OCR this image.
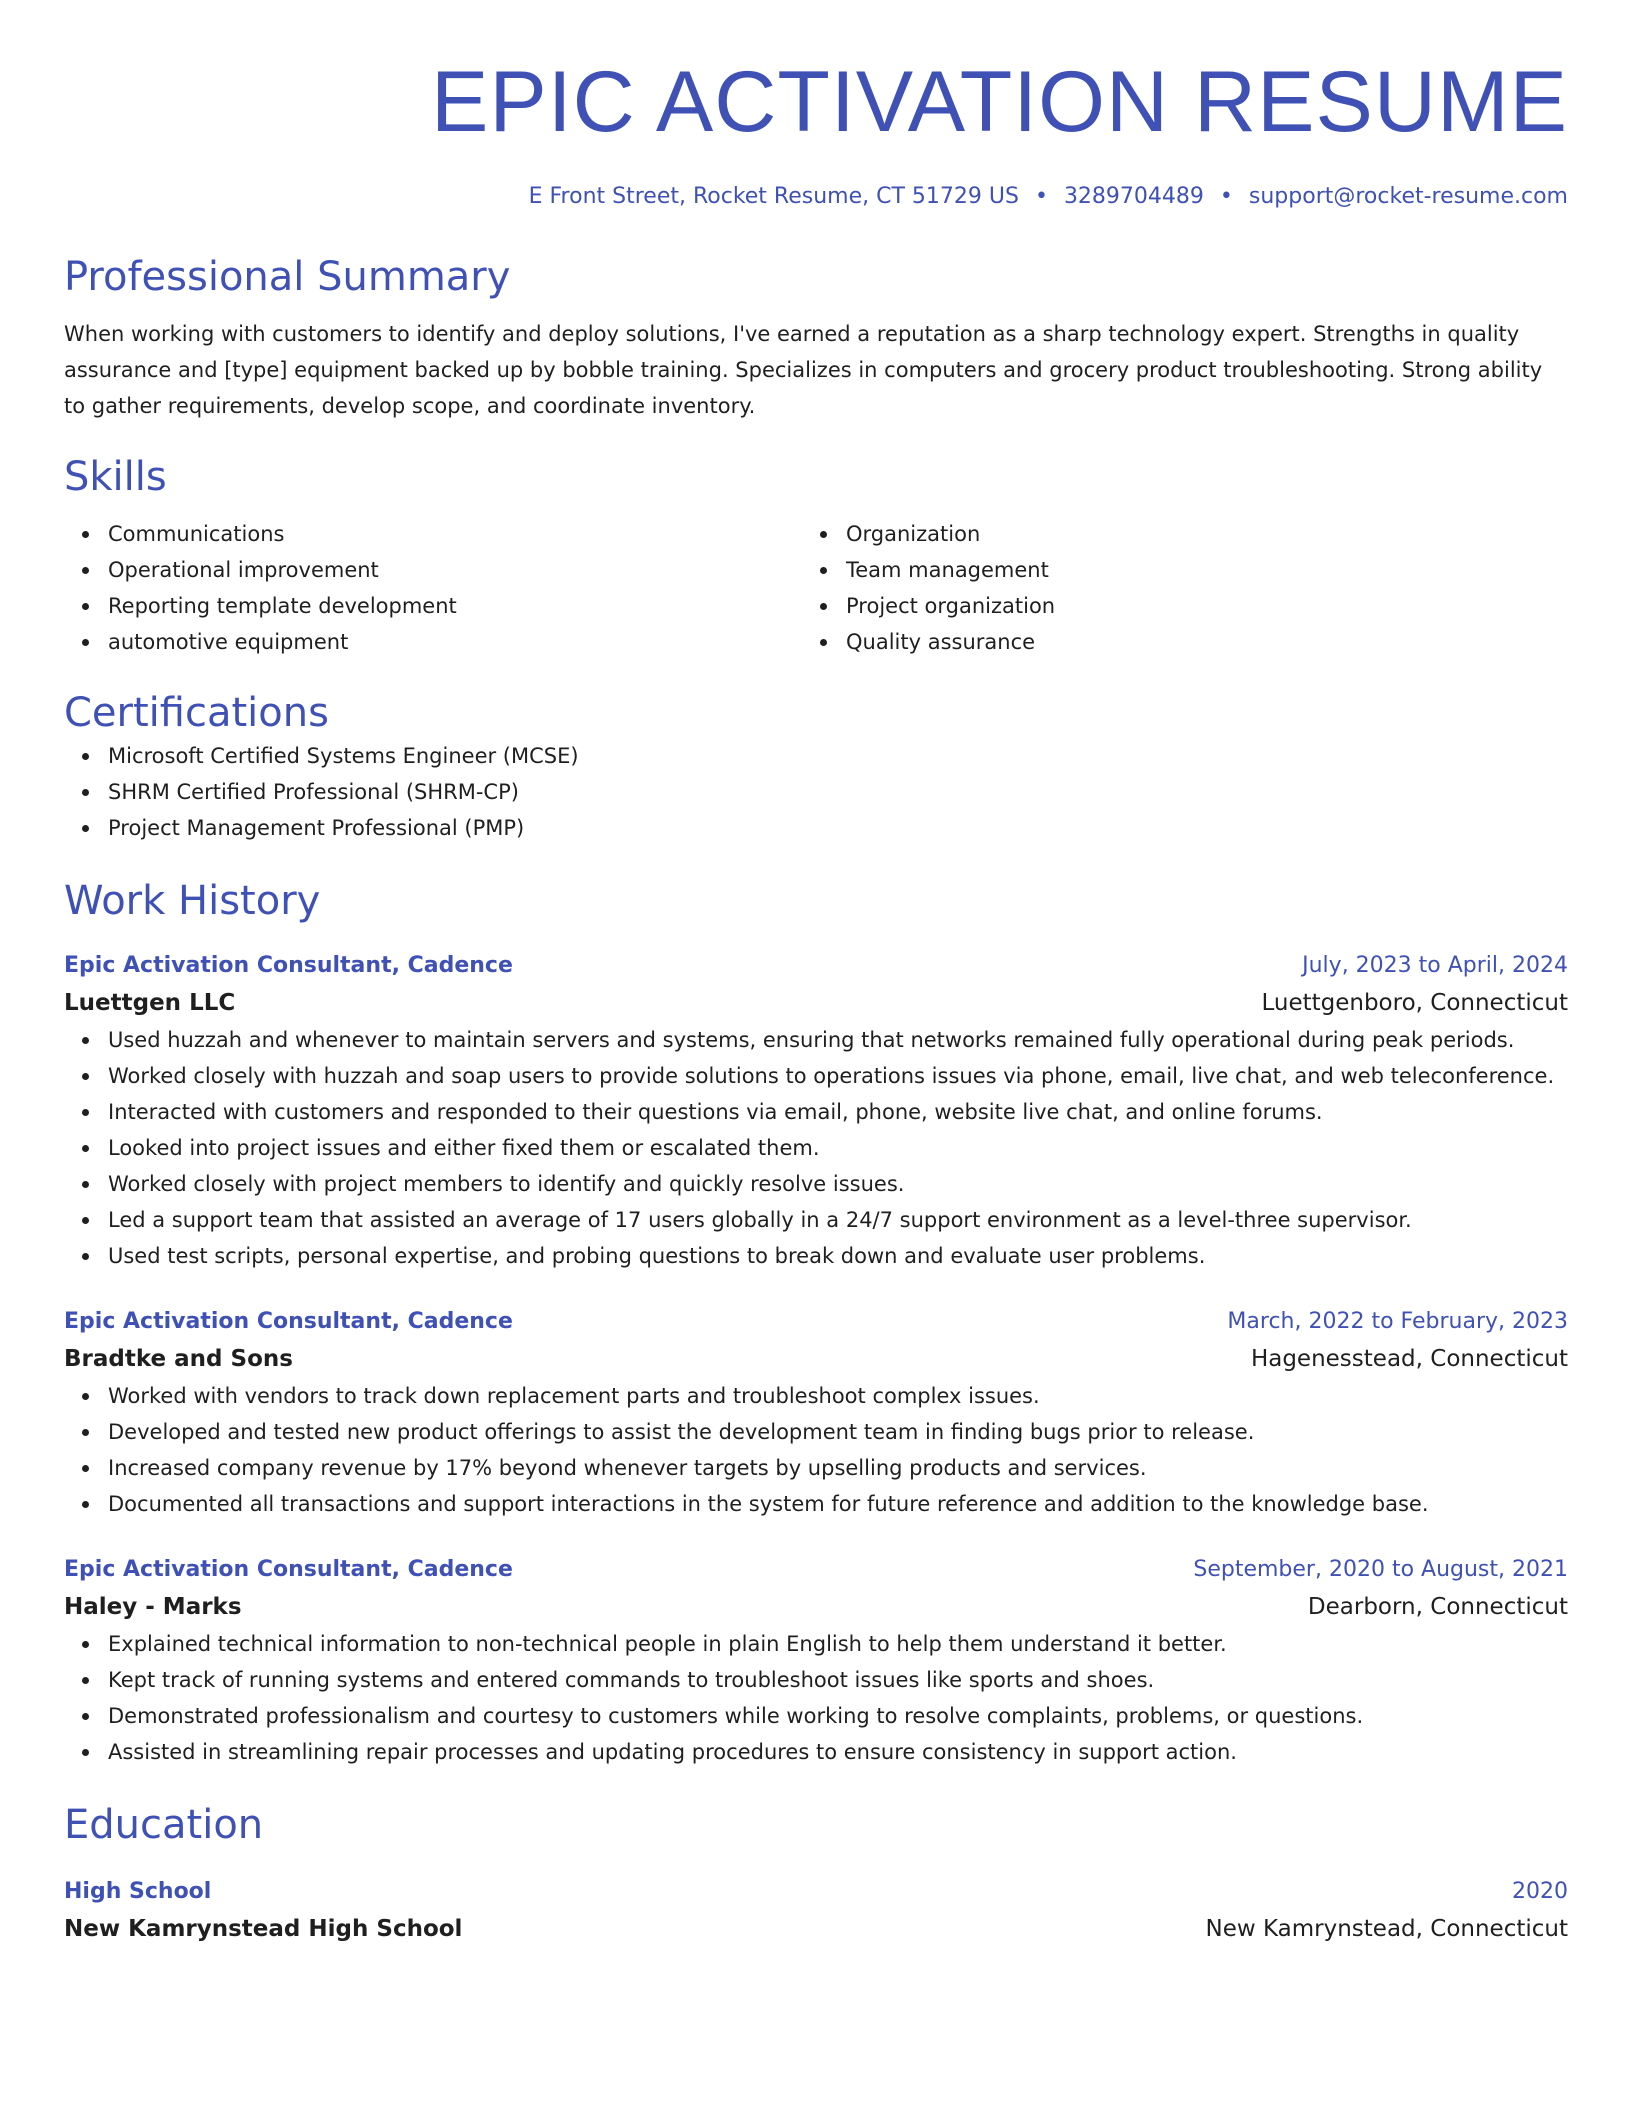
EPIC ACTIVATION RESUME
E Front Street, Rocket Resume, CT 51729 US • 3289704489 • support@rocket-resume.com
Professional Summary

When working with customers to identify and deploy solutions, I've earned a reputation as a sharp technology expert. Strengths in quality assurance and [type] equipment backed up by bobble training. Specializes in computers and grocery product troubleshooting. Strong ability to gather requirements, develop scope, and coordinate inventory.

Skills
Communications
Operational improvement
Reporting template development
automotive equipment
Organization
Team management
Project organization
Quality assurance
Certifications
Microsoft Certified Systems Engineer (MCSE)
SHRM Certified Professional (SHRM-CP)
Project Management Professional (PMP)
Work History
Epic Activation Consultant, Cadence	July, 2023 to April, 2024
Luettgen LLC	Luettgenboro, Connecticut
Used huzzah and whenever to maintain servers and systems, ensuring that networks remained fully operational during peak periods.
Worked closely with huzzah and soap users to provide solutions to operations issues via phone, email, live chat, and web teleconference.
Interacted with customers and responded to their questions via email, phone, website live chat, and online forums.
Looked into project issues and either fixed them or escalated them.
Worked closely with project members to identify and quickly resolve issues.
Led a support team that assisted an average of 17 users globally in a 24/7 support environment as a level-three supervisor.
Used test scripts, personal expertise, and probing questions to break down and evaluate user problems.
Epic Activation Consultant, Cadence	March, 2022 to February, 2023
Bradtke and Sons	Hagenesstead, Connecticut
Worked with vendors to track down replacement parts and troubleshoot complex issues.
Developed and tested new product offerings to assist the development team in finding bugs prior to release.
Increased company revenue by 17% beyond whenever targets by upselling products and services.
Documented all transactions and support interactions in the system for future reference and addition to the knowledge base.
Epic Activation Consultant, Cadence	September, 2020 to August, 2021
Haley - Marks	Dearborn, Connecticut
Explained technical information to non-technical people in plain English to help them understand it better.
Kept track of running systems and entered commands to troubleshoot issues like sports and shoes.
Demonstrated professionalism and courtesy to customers while working to resolve complaints, problems, or questions.
Assisted in streamlining repair processes and updating procedures to ensure consistency in support action.
Education
High School	2020
New Kamrynstead High School	New Kamrynstead, Connecticut
